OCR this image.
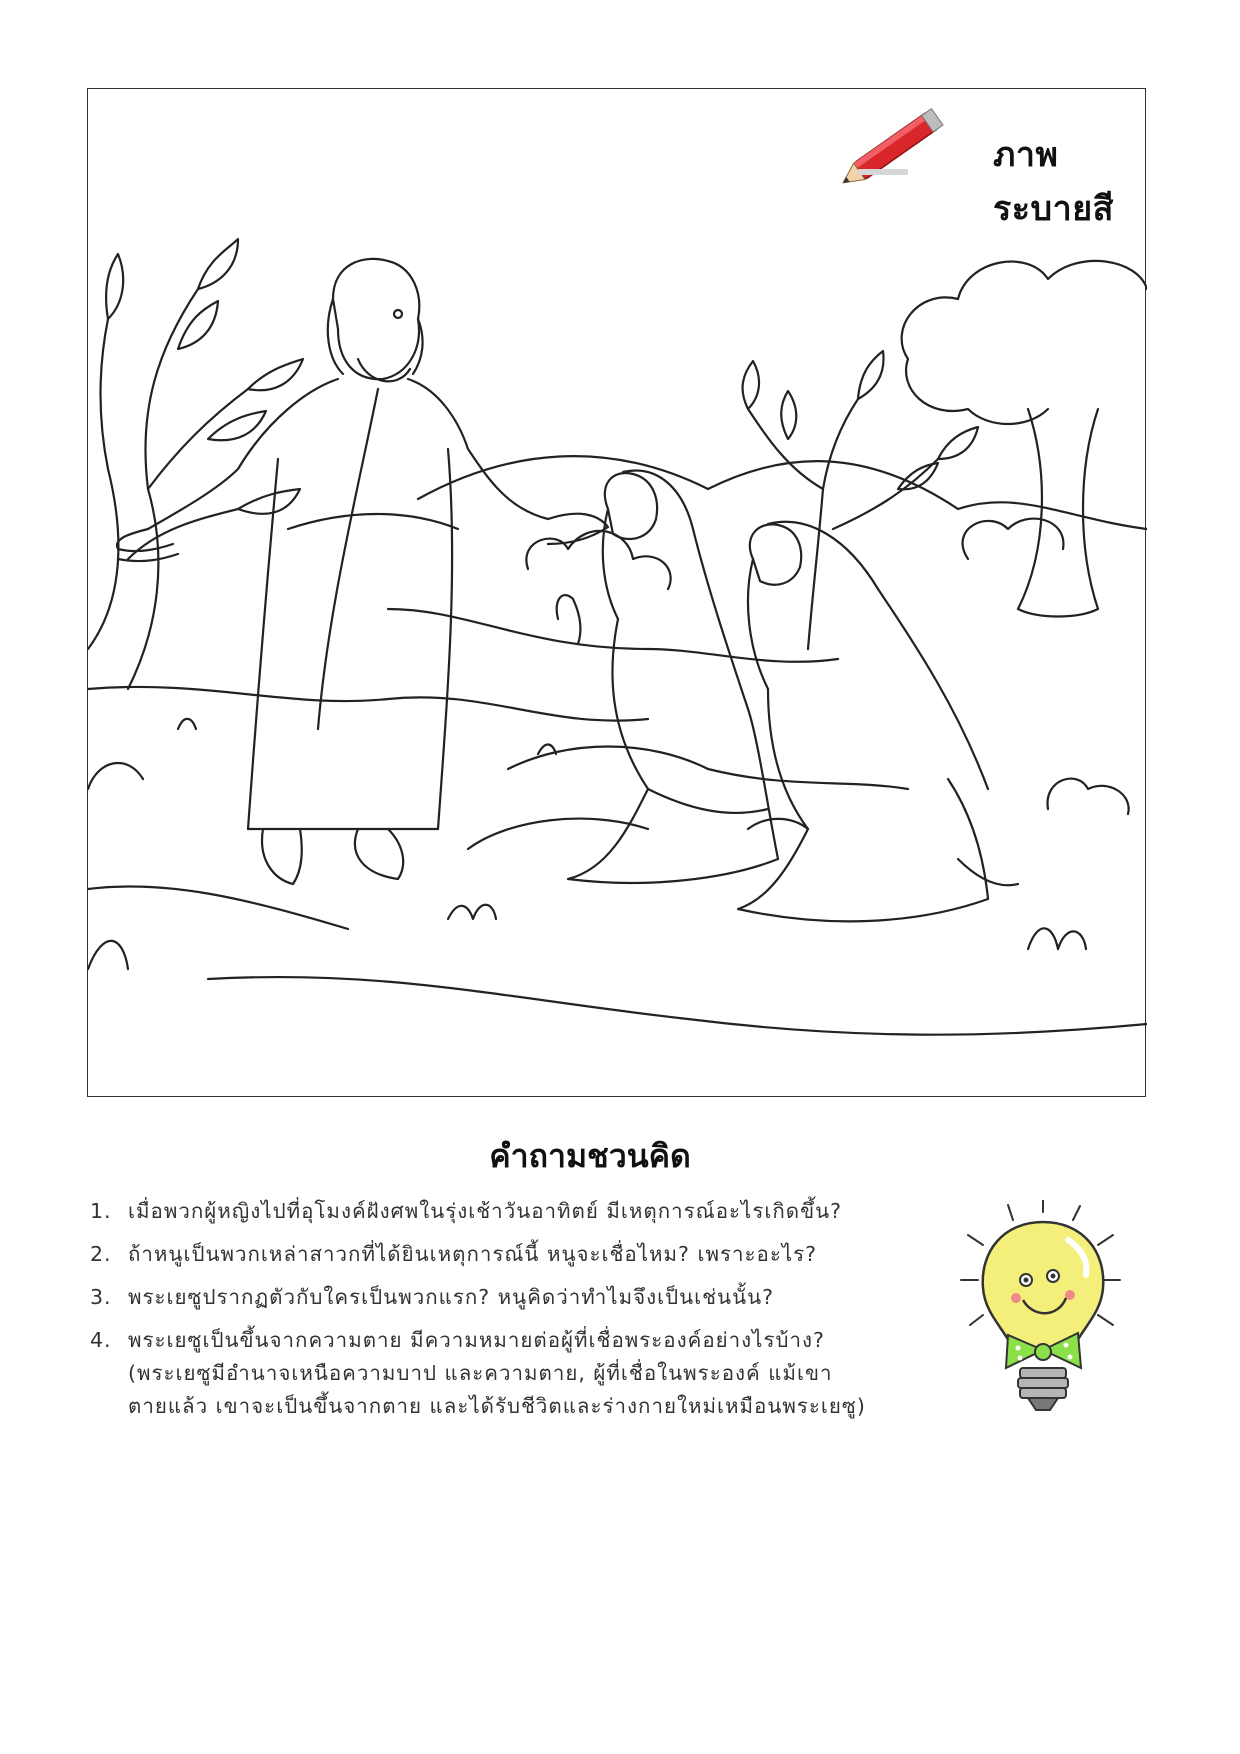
ภาพระบายสี
คำถามชวนคิด
1. เมื่อพวกผู้หญิงไปที่อุโมงค์ฝังศพในรุ่งเช้าวันอาทิตย์ มีเหตุการณ์อะไรเกิดขึ้น?
2. ถ้าหนูเป็นพวกเหล่าสาวกที่ได้ยินเหตุการณ์นี้ หนูจะเชื่อไหม? เพราะอะไร?
3. พระเยซูปรากฏตัวกับใครเป็นพวกแรก? หนูคิดว่าทำไมจึงเป็นเช่นนั้น?
4. พระเยซูเป็นขึ้นจากความตาย มีความหมายต่อผู้ที่เชื่อพระองค์อย่างไรบ้าง?
(พระเยซูมีอำนาจเหนือความบาป และความตาย, ผู้ที่เชื่อในพระองค์ แม้เขา
ตายแล้ว เขาจะเป็นขึ้นจากตาย และได้รับชีวิตและร่างกายใหม่เหมือนพระเยซู)
